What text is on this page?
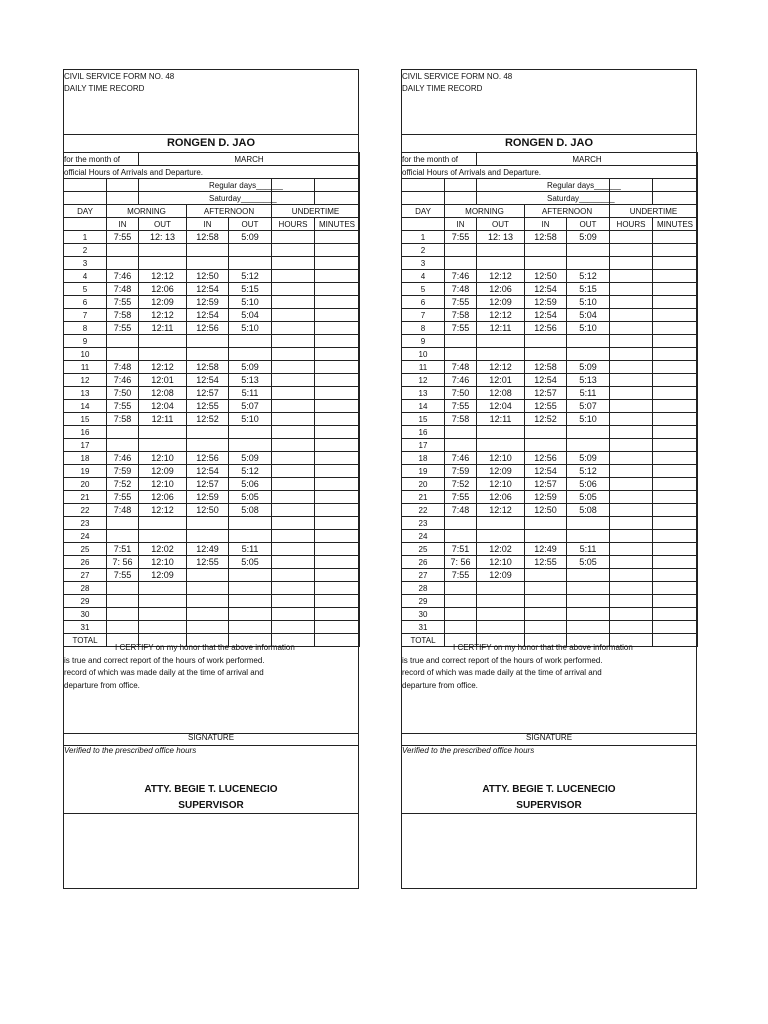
CIVIL SERVICE FORM NO. 48
DAILY TIME RECORD
RONGEN D. JAO
for the month of		MARCH				
official Hours of Arrivals and Departure.						
		Regular days______				
		Saturday________				
DAY	MORNING		AFTERNOON		UNDERTIME	
	IN	OUT	IN	OUT	HOURS	MINUTES
1	7:55	12: 13	12:58	5:09		
2						
3						
4	7:46	12:12	12:50	5:12		
5	7:48	12:06	12:54	5:15		
6	7:55	12:09	12:59	5:10		
7	7:58	12:12	12:54	5:04		
8	7:55	12:11	12:56	5:10		
9						
10						
11	7:48	12:12	12:58	5:09		
12	7:46	12:01	12:54	5:13		
13	7:50	12:08	12:57	5:11		
14	7:55	12:04	12:55	5:07		
15	7:58	12:11	12:52	5:10		
16						
17						
18	7:46	12:10	12:56	5:09		
19	7:59	12:09	12:54	5:12		
20	7:52	12:10	12:57	5:06		
21	7:55	12:06	12:59	5:05		
22	7:48	12:12	12:50	5:08		
23						
24						
25	7:51	12:02	12:49	5:11		
26	7: 56	12:10	12:55	5:05		
27	7:55	12:09				
28						
29						
30						
31						
TOTAL						
I CERTIFY on my honor that the above information
is true and correct report of the hours of work performed.
record of which was made daily at the time of arrival and
departure from office.
SIGNATURE
Verified to the prescribed office hours
ATTY. BEGIE T. LUCENECIO
SUPERVISOR
CIVIL SERVICE FORM NO. 48
DAILY TIME RECORD
RONGEN D. JAO
for the month of		MARCH				
official Hours of Arrivals and Departure.						
		Regular days______				
		Saturday________				
DAY	MORNING		AFTERNOON		UNDERTIME	
	IN	OUT	IN	OUT	HOURS	MINUTES
1	7:55	12: 13	12:58	5:09		
2						
3						
4	7:46	12:12	12:50	5:12		
5	7:48	12:06	12:54	5:15		
6	7:55	12:09	12:59	5:10		
7	7:58	12:12	12:54	5:04		
8	7:55	12:11	12:56	5:10		
9						
10						
11	7:48	12:12	12:58	5:09		
12	7:46	12:01	12:54	5:13		
13	7:50	12:08	12:57	5:11		
14	7:55	12:04	12:55	5:07		
15	7:58	12:11	12:52	5:10		
16						
17						
18	7:46	12:10	12:56	5:09		
19	7:59	12:09	12:54	5:12		
20	7:52	12:10	12:57	5:06		
21	7:55	12:06	12:59	5:05		
22	7:48	12:12	12:50	5:08		
23						
24						
25	7:51	12:02	12:49	5:11		
26	7: 56	12:10	12:55	5:05		
27	7:55	12:09				
28						
29						
30						
31						
TOTAL						
I CERTIFY on my honor that the above information
is true and correct report of the hours of work performed.
record of which was made daily at the time of arrival and
departure from office.
SIGNATURE
Verified to the prescribed office hours
ATTY. BEGIE T. LUCENECIO
SUPERVISOR
